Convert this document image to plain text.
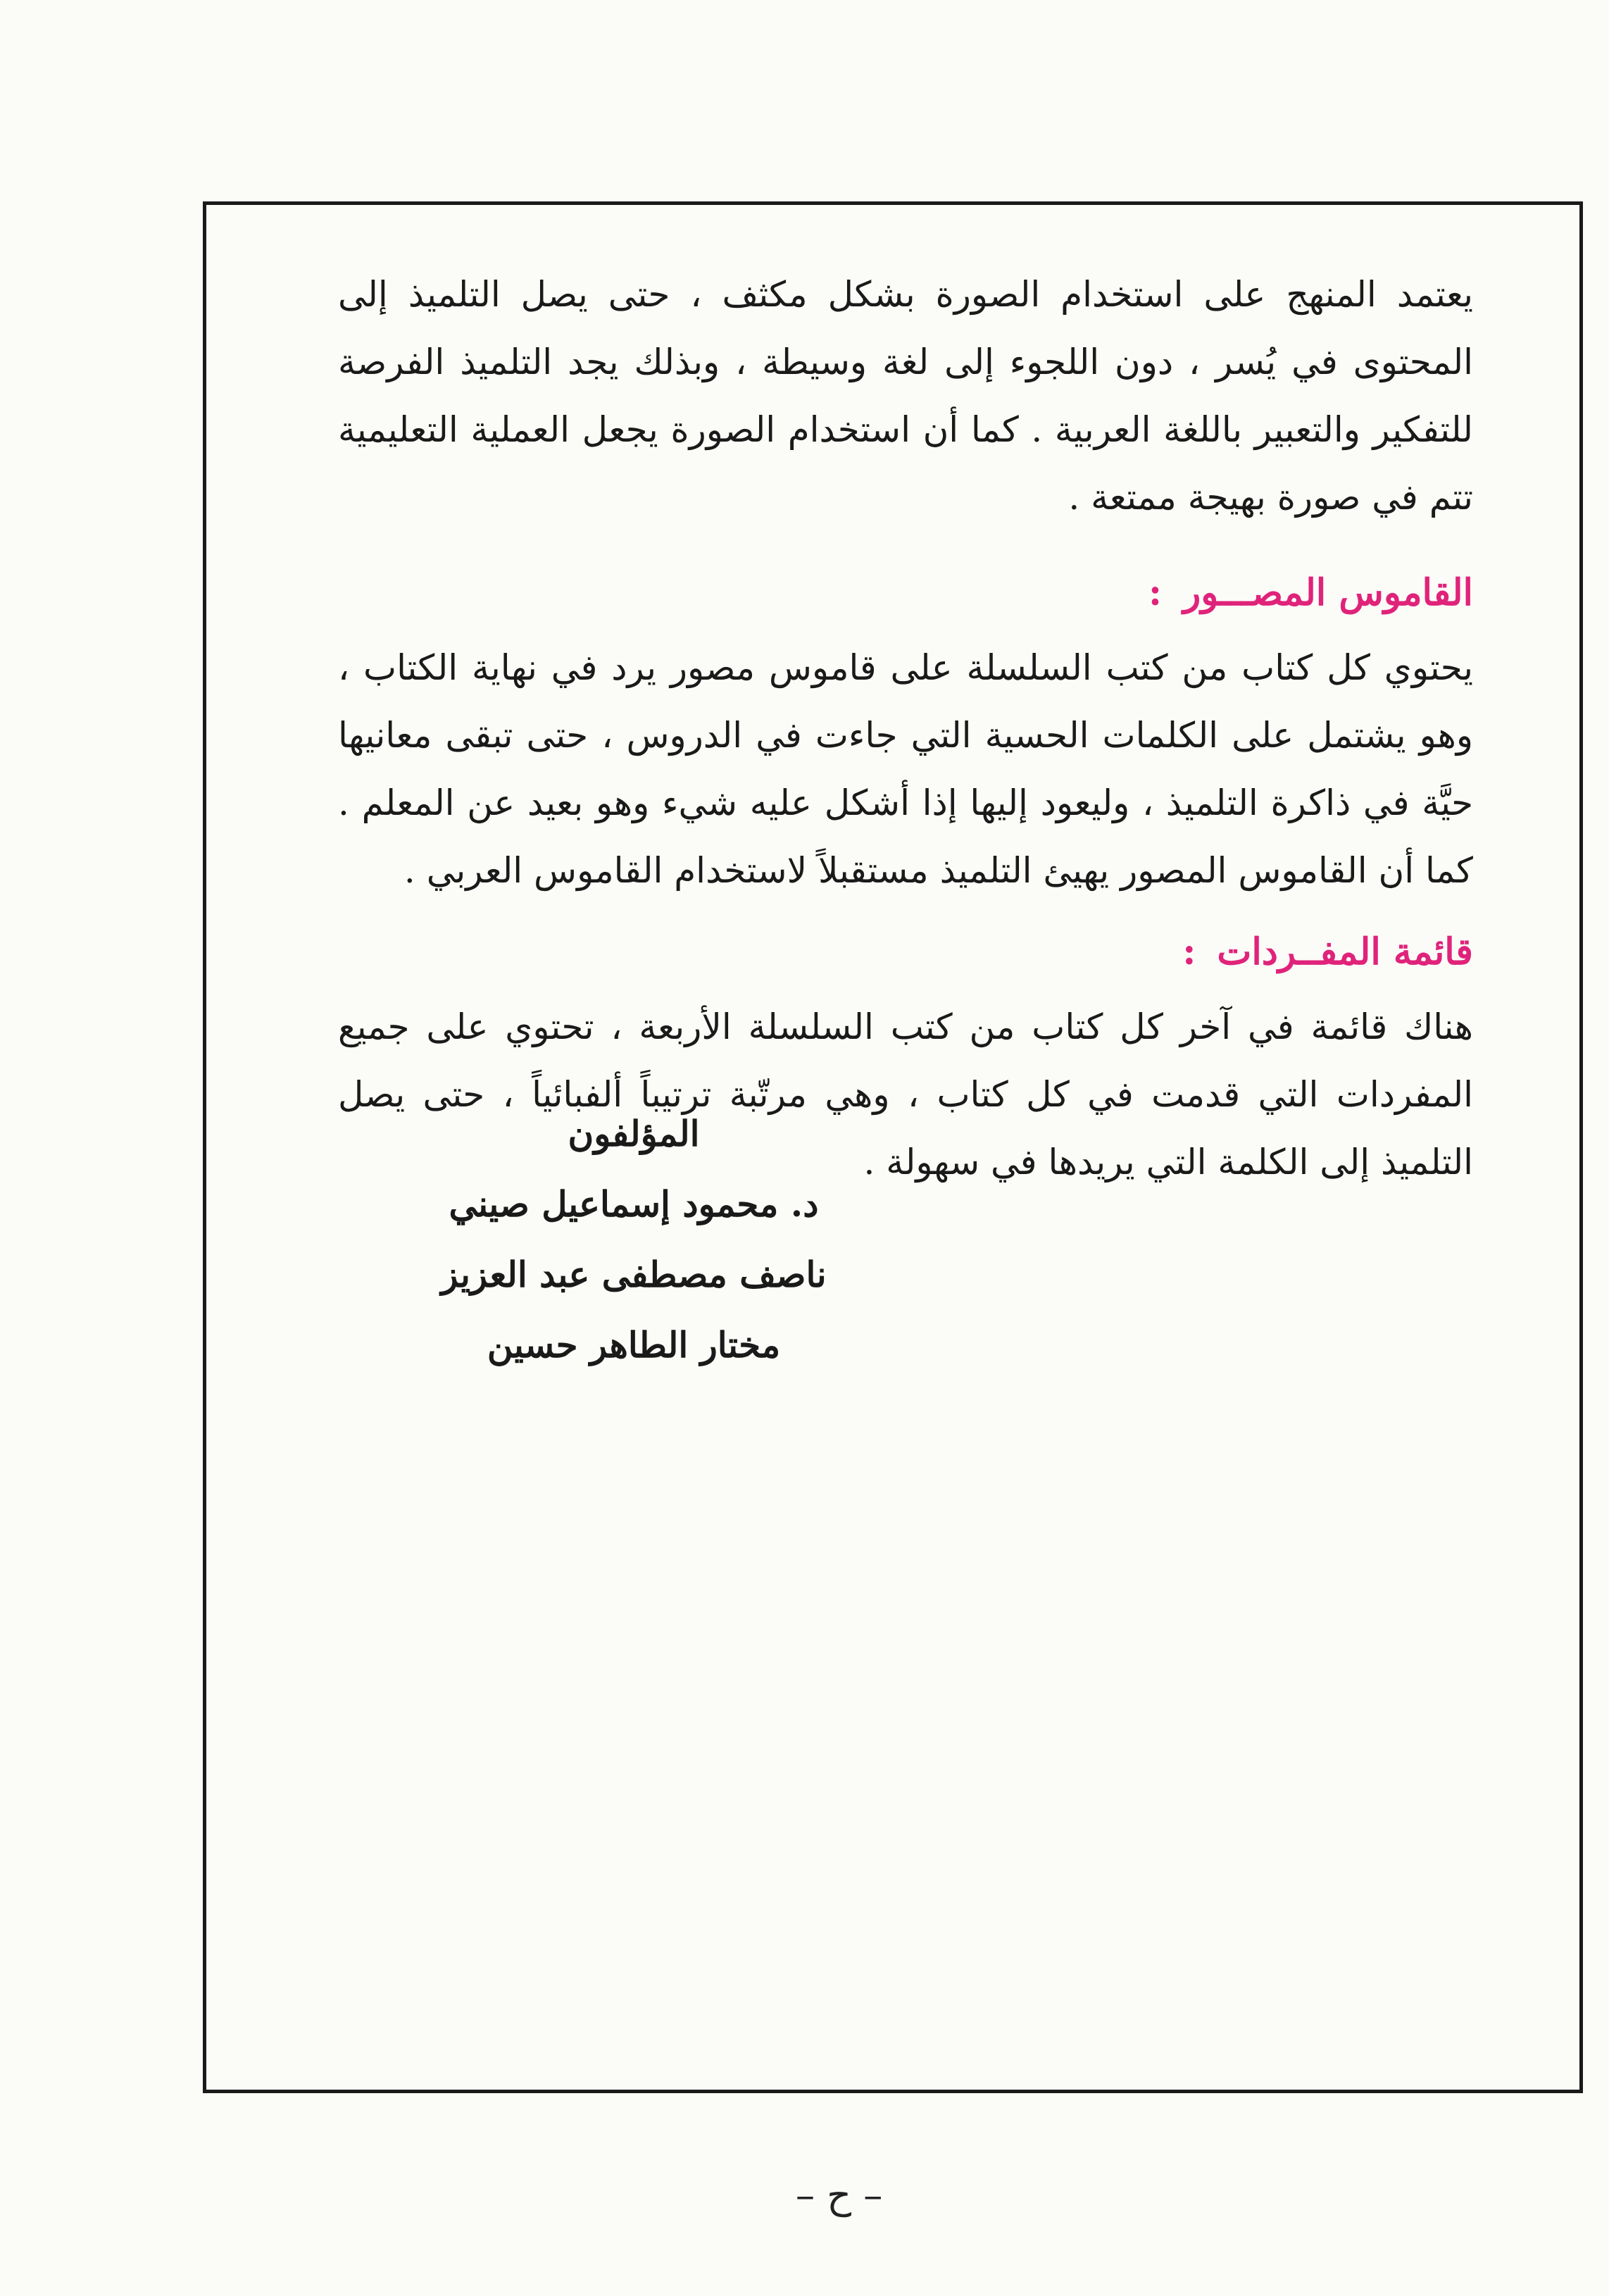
يعتمد المنهج على استخدام الصورة بشكل مكثف ، حتى يصل التلميذ إلى المحتوى في يُسر ، دون اللجوء إلى لغة وسيطة ، وبذلك يجد التلميذ الفرصة للتفكير والتعبير باللغة العربية . كما أن استخدام الصورة يجعل العملية التعليمية تتم في صورة بهيجة ممتعة .

القاموس المصـــور:

يحتوي كل كتاب من كتب السلسلة على قاموس مصور يرد في نهاية الكتاب ، وهو يشتمل على الكلمات الحسية التي جاءت في الدروس ، حتى تبقى معانيها حيَّة في ذاكرة التلميذ ، وليعود إليها إذا أشكل عليه شيء وهو بعيد عن المعلم . كما أن القاموس المصور يهيئ التلميذ مستقبلاً لاستخدام القاموس العربي .

قائمة المفــردات:

هناك قائمة في آخر كل كتاب من كتب السلسلة الأربعة ، تحتوي على جميع المفردات التي قدمت في كل كتاب ، وهي مرتّبة ترتيباً ألفبائياً ، حتى يصل التلميذ إلى الكلمة التي يريدها في سهولة .

المؤلفون
د. محمود إسماعيل صيني
ناصف مصطفى عبد العزيز
مختار الطاهر حسين
– ح –
